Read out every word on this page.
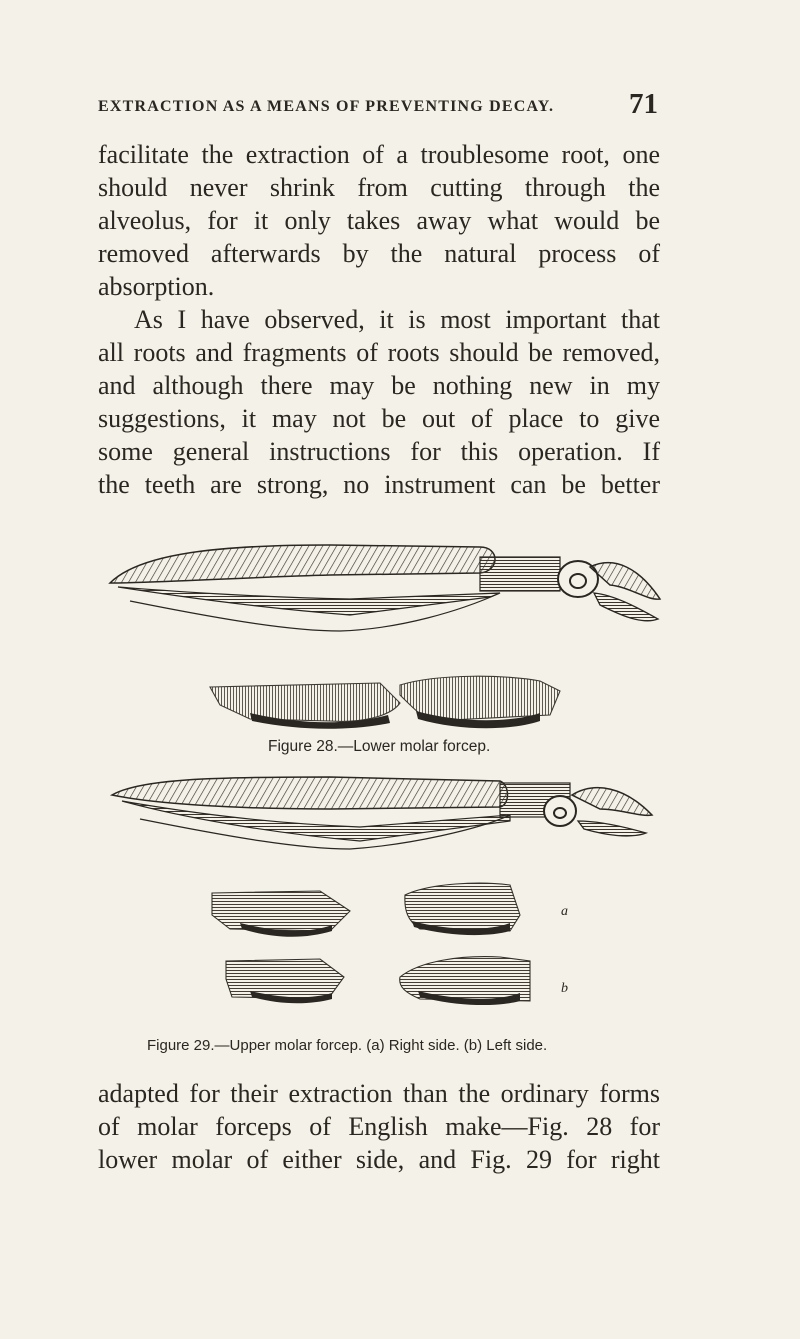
EXTRACTION AS A MEANS OF PREVENTING DECAY.	71
facilitate the extraction of a troublesome root, one
should never shrink from cutting through the
alveolus, for it only takes away what would be
removed afterwards by the natural process of
absorption.
As I have observed, it is most important that
all roots and fragments of roots should be removed,
and although there may be nothing new in my
suggestions, it may not be out of place to give
some general instructions for this operation. If
the teeth are strong, no instrument can be better
Figure 28.—Lower molar forcep.
a
b
Figure 29.—Upper molar forcep. (a) Right side. (b) Left side.
adapted for their extraction than the ordinary forms
of molar forceps of English make—Fig. 28 for
lower molar of either side, and Fig. 29 for right
